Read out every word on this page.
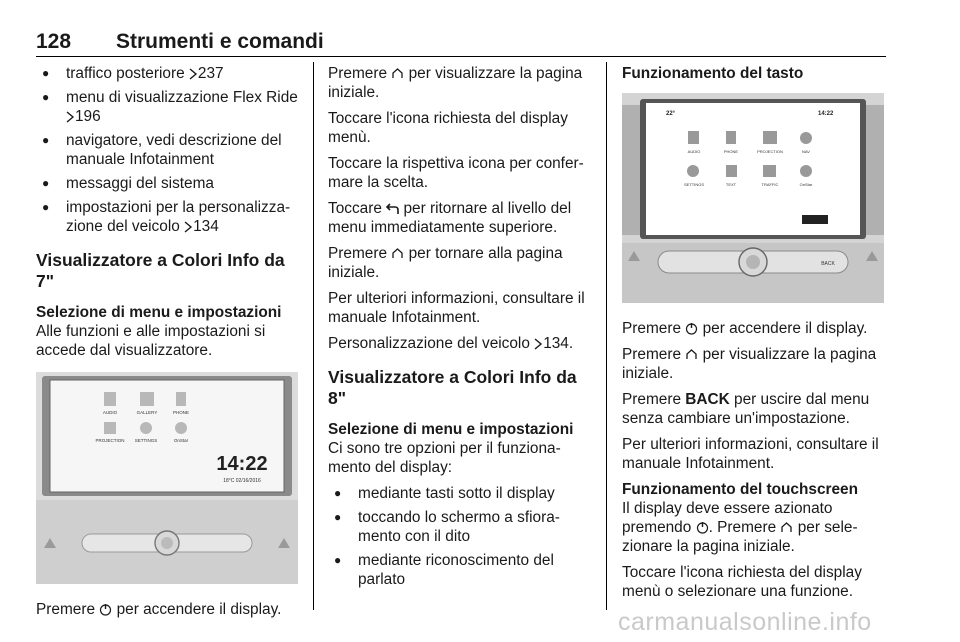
128 Strumenti e comandi
● traffico posteriore 237
● menu di visualizzazione Flex Ride 196
● navigatore, vedi descrizione del manuale Infotainment
● messaggi del sistema
● impostazioni per la personalizza-zione del veicolo 134
Visualizzatore a Colori Info da 7"
Selezione di menu e impostazioni

Alle funzioni e alle impostazioni si accede dal visualizzatore.

AUDIO	GALLERY	PHONE
PROJECTION SETTINGS	OnStar
14:22
18°C 02/16/2016

Premere  per accendere il display.

Premere  per visualizzare la pagina iniziale.

Toccare l'icona richiesta del display menù.

Toccare la rispettiva icona per confer-mare la scelta.

Toccare  per ritornare al livello del menu immediatamente superiore.

Premere  per tornare alla pagina iniziale.

Per ulteriori informazioni, consultare il manuale Infotainment.

Personalizzazione del veicolo 134.

Visualizzatore a Colori Info da 8"
Selezione di menu e impostazioni

Ci sono tre opzioni per il funziona-mento del display:

● mediante tasti sotto il display
● toccando lo schermo a sfiora-mento con il dito
● mediante riconoscimento del parlato
Funzionamento del tasto
22°	14:22
AUDIO	PHONE	PROJECTION	NAV
SETTINGS	TEXT	TRAFFIC	OnStar
BACK

Premere  per accendere il display.

Premere  per visualizzare la pagina iniziale.

Premere BACK per uscire dal menu senza cambiare un'impostazione.

Per ulteriori informazioni, consultare il manuale Infotainment.

Funzionamento del touchscreen

Il display deve essere azionato premendo . Premere  per sele-zionare la pagina iniziale.

Toccare l'icona richiesta del display menù o selezionare una funzione.

carmanualsonline.info
